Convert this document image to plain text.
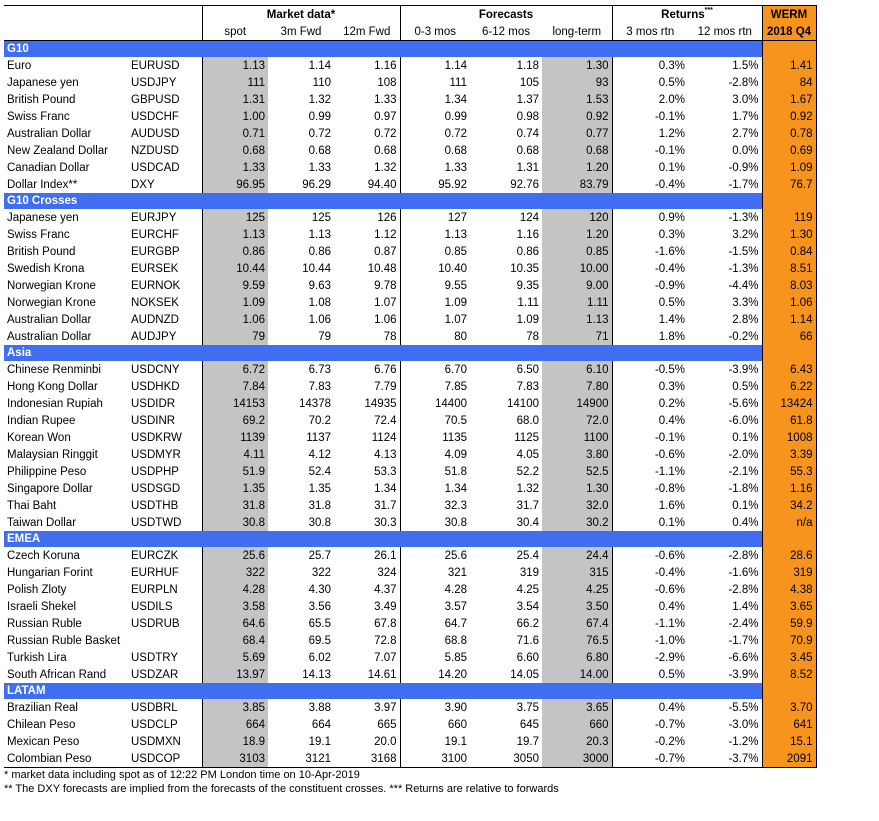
		Market data*			Forecasts			Returns***		WERM
		spot	3m Fwd	12m Fwd	0-3 mos	6-12 mos	long-term	3 mos rtn	12 mos rtn	2018 Q4
G10										
Euro	EURUSD	1.13	1.14	1.16	1.14	1.18	1.30	0.3%	1.5%	1.41
Japanese yen	USDJPY	111	110	108	111	105	93	0.5%	-2.8%	84
British Pound	GBPUSD	1.31	1.32	1.33	1.34	1.37	1.53	2.0%	3.0%	1.67
Swiss Franc	USDCHF	1.00	0.99	0.97	0.99	0.98	0.92	-0.1%	1.7%	0.92
Australian Dollar	AUDUSD	0.71	0.72	0.72	0.72	0.74	0.77	1.2%	2.7%	0.78
New Zealand Dollar	NZDUSD	0.68	0.68	0.68	0.68	0.68	0.68	-0.1%	0.0%	0.69
Canadian Dollar	USDCAD	1.33	1.33	1.32	1.33	1.31	1.20	0.1%	-0.9%	1.09
Dollar Index**	DXY	96.95	96.29	94.40	95.92	92.76	83.79	-0.4%	-1.7%	76.7
G10 Crosses										
Japanese yen	EURJPY	125	125	126	127	124	120	0.9%	-1.3%	119
Swiss Franc	EURCHF	1.13	1.13	1.12	1.13	1.16	1.20	0.3%	3.2%	1.30
British Pound	EURGBP	0.86	0.86	0.87	0.85	0.86	0.85	-1.6%	-1.5%	0.84
Swedish Krona	EURSEK	10.44	10.44	10.48	10.40	10.35	10.00	-0.4%	-1.3%	8.51
Norwegian Krone	EURNOK	9.59	9.63	9.78	9.55	9.35	9.00	-0.9%	-4.4%	8.03
Norwegian Krone	NOKSEK	1.09	1.08	1.07	1.09	1.11	1.11	0.5%	3.3%	1.06
Australian Dollar	AUDNZD	1.06	1.06	1.06	1.07	1.09	1.13	1.4%	2.8%	1.14
Australian Dollar	AUDJPY	79	79	78	80	78	71	1.8%	-0.2%	66
Asia										
Chinese Renminbi	USDCNY	6.72	6.73	6.76	6.70	6.50	6.10	-0.5%	-3.9%	6.43
Hong Kong Dollar	USDHKD	7.84	7.83	7.79	7.85	7.83	7.80	0.3%	0.5%	6.22
Indonesian Rupiah	USDIDR	14153	14378	14935	14400	14100	14900	0.2%	-5.6%	13424
Indian Rupee	USDINR	69.2	70.2	72.4	70.5	68.0	72.0	0.4%	-6.0%	61.8
Korean Won	USDKRW	1139	1137	1124	1135	1125	1100	-0.1%	0.1%	1008
Malaysian Ringgit	USDMYR	4.11	4.12	4.13	4.09	4.05	3.80	-0.6%	-2.0%	3.39
Philippine Peso	USDPHP	51.9	52.4	53.3	51.8	52.2	52.5	-1.1%	-2.1%	55.3
Singapore Dollar	USDSGD	1.35	1.35	1.34	1.34	1.32	1.30	-0.8%	-1.8%	1.16
Thai Baht	USDTHB	31.8	31.8	31.7	32.3	31.7	32.0	1.6%	0.1%	34.2
Taiwan Dollar	USDTWD	30.8	30.8	30.3	30.8	30.4	30.2	0.1%	0.4%	n/a
EMEA										
Czech Koruna	EURCZK	25.6	25.7	26.1	25.6	25.4	24.4	-0.6%	-2.8%	28.6
Hungarian Forint	EURHUF	322	322	324	321	319	315	-0.4%	-1.6%	319
Polish Zloty	EURPLN	4.28	4.30	4.37	4.28	4.25	4.25	-0.6%	-2.8%	4.38
Israeli Shekel	USDILS	3.58	3.56	3.49	3.57	3.54	3.50	0.4%	1.4%	3.65
Russian Ruble	USDRUB	64.6	65.5	67.8	64.7	66.2	67.4	-1.1%	-2.4%	59.9
Russian Ruble Basket		68.4	69.5	72.8	68.8	71.6	76.5	-1.0%	-1.7%	70.9
Turkish Lira	USDTRY	5.69	6.02	7.07	5.85	6.60	6.80	-2.9%	-6.6%	3.45
South African Rand	USDZAR	13.97	14.13	14.61	14.20	14.05	14.00	0.5%	-3.9%	8.52
LATAM										
Brazilian Real	USDBRL	3.85	3.88	3.97	3.90	3.75	3.65	0.4%	-5.5%	3.70
Chilean Peso	USDCLP	664	664	665	660	645	660	-0.7%	-3.0%	641
Mexican Peso	USDMXN	18.9	19.1	20.0	19.1	19.7	20.3	-0.2%	-1.2%	15.1
Colombian Peso	USDCOP	3103	3121	3168	3100	3050	3000	-0.7%	-3.7%	2091
* market data including spot as of 12:22 PM London time on 10-Apr-2019
** The DXY forecasts are implied from the forecasts of the constituent crosses. *** Returns are relative to forwards
